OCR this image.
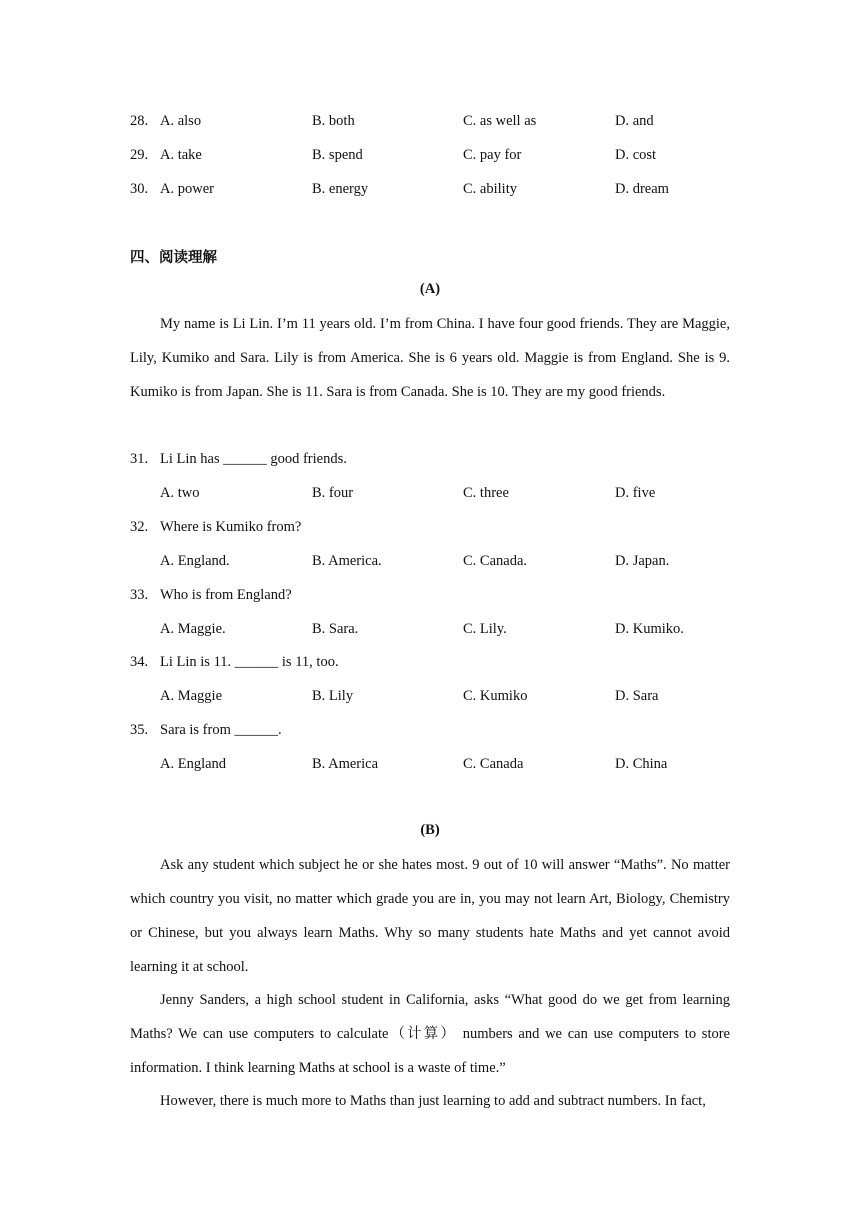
28. A. also	B. both	C. as well as	D. and
29. A. take	B. spend	C. pay for	D. cost
30. A. power	B. energy	C. ability	D. dream
四、阅读理解
(A)

My name is Li Lin. I’m 11 years old. I’m from China. I have four good friends. They are Maggie, Lily, Kumiko and Sara. Lily is from America. She is 6 years old. Maggie is from England. She is 9. Kumiko is from Japan. She is 11. Sara is from Canada. She is 10. They are my good friends.

31. Li Lin has ______ good friends.
A. two	B. four	C. three	D. five
32. Where is Kumiko from?
A. England.	B. America.	C. Canada.	D. Japan.
33. Who is from England?
A. Maggie.	B. Sara.	C. Lily.	D. Kumiko.
34. Li Lin is 11. ______ is 11, too.
A. Maggie	B. Lily	C. Kumiko	D. Sara
35. Sara is from ______.
A. England	B. America	C. Canada	D. China
(B)

Ask any student which subject he or she hates most. 9 out of 10 will answer “Maths”. No matter which country you visit, no matter which grade you are in, you may not learn Art, Biology, Chemistry or Chinese, but you always learn Maths. Why so many students hate Maths and yet cannot avoid learning it at school.

Jenny Sanders, a high school student in California, asks “What good do we get from learning Maths? We can use computers to calculate（计算） numbers and we can use computers to store information. I think learning Maths at school is a waste of time.”

However, there is much more to Maths than just learning to add and subtract numbers. In fact,
